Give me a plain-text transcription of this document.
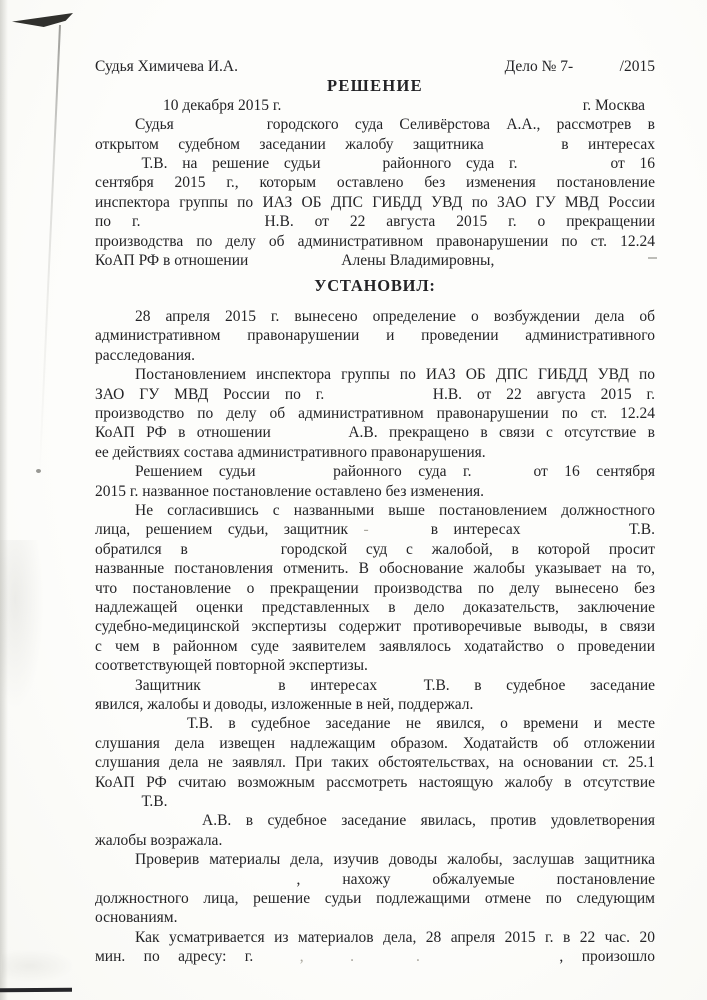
Судья Химичева И.А.	Дело № 7-   /2015
РЕШЕНИЕ
10 декабря 2015 г.	г. Москва
Судья      городского суда Селивёрстова А.А., рассмотрев в
открытом судебном заседании жалобу защитника     в интересах
   Т.В. на решение судьи    районного суда г.      от 16
сентября 2015 г., которым оставлено без изменения постановление
инспектора группы по ИАЗ ОБ ДПС ГИБДД УВД по ЗАО ГУ МВД России
по г.        Н.В. от 22 августа 2015 г. о прекращении
производства по делу об административном правонарушении по ст. 12.24
КоАП РФ в отношении      Алены Владимировны,
УСТАНОВИЛ:
28 апреля 2015 г. вынесено определение о возбуждении дела об
административном правонарушении и проведении административного
расследования.
Постановлением инспектора группы по ИАЗ ОБ ДПС ГИБДД УВД по
ЗАО ГУ МВД России по г.       Н.В. от 22 августа 2015 г.
производство по делу об административном правонарушении по ст. 12.24
КоАП РФ в отношении     А.В. прекращено в связи с отсутствие в
ее действиях состава административного правонарушения.
Решением судьи     районного суда г.    от 16 сентября
2015 г. названное постановление оставлено без изменения.
Не согласившись с названными выше постановлением должностного
лица, решением судьи, защитник -    в интересах       Т.В.
обратился в      городской суд с жалобой, в которой просит
названные постановления отменить. В обоснование жалобы указывает на то,
что постановление о прекращении производства по делу вынесено без
надлежащей оценки представленных в дело доказательств, заключение
судебно-медицинской экспертизы содержит противоречивые выводы, в связи
с чем в районном суде заявителем заявлялось ходатайство о проведении
соответствующей повторной экспертизы.
Защитник     в интересах   Т.В. в судебное заседание
явился, жалобы и доводы, изложенные в ней, поддержал.
Т.В. в судебное заседание не явился, о времени и месте
слушания дела извещен надлежащим образом. Ходатайств об отложении
слушания дела не заявлял. При таких обстоятельствах, на основании ст. 25.1
КоАП РФ считаю возможным рассмотреть настоящую жалобу в отсутствие
   Т.В.
А.В. в судебное заседание явилась, против удовлетворения
жалобы возражала.
Проверив материалы дела, изучив доводы жалобы, заслушав защитника
             , нахожу обжалуемые постановление
должностного лица, решение судьи подлежащими отмене по следующим
основаниям.
Как усматривается из материалов дела, 28 апреля 2015 г. в 22 час. 20
мин. по адресу: г.   ,   	.    	.         	, произошло
